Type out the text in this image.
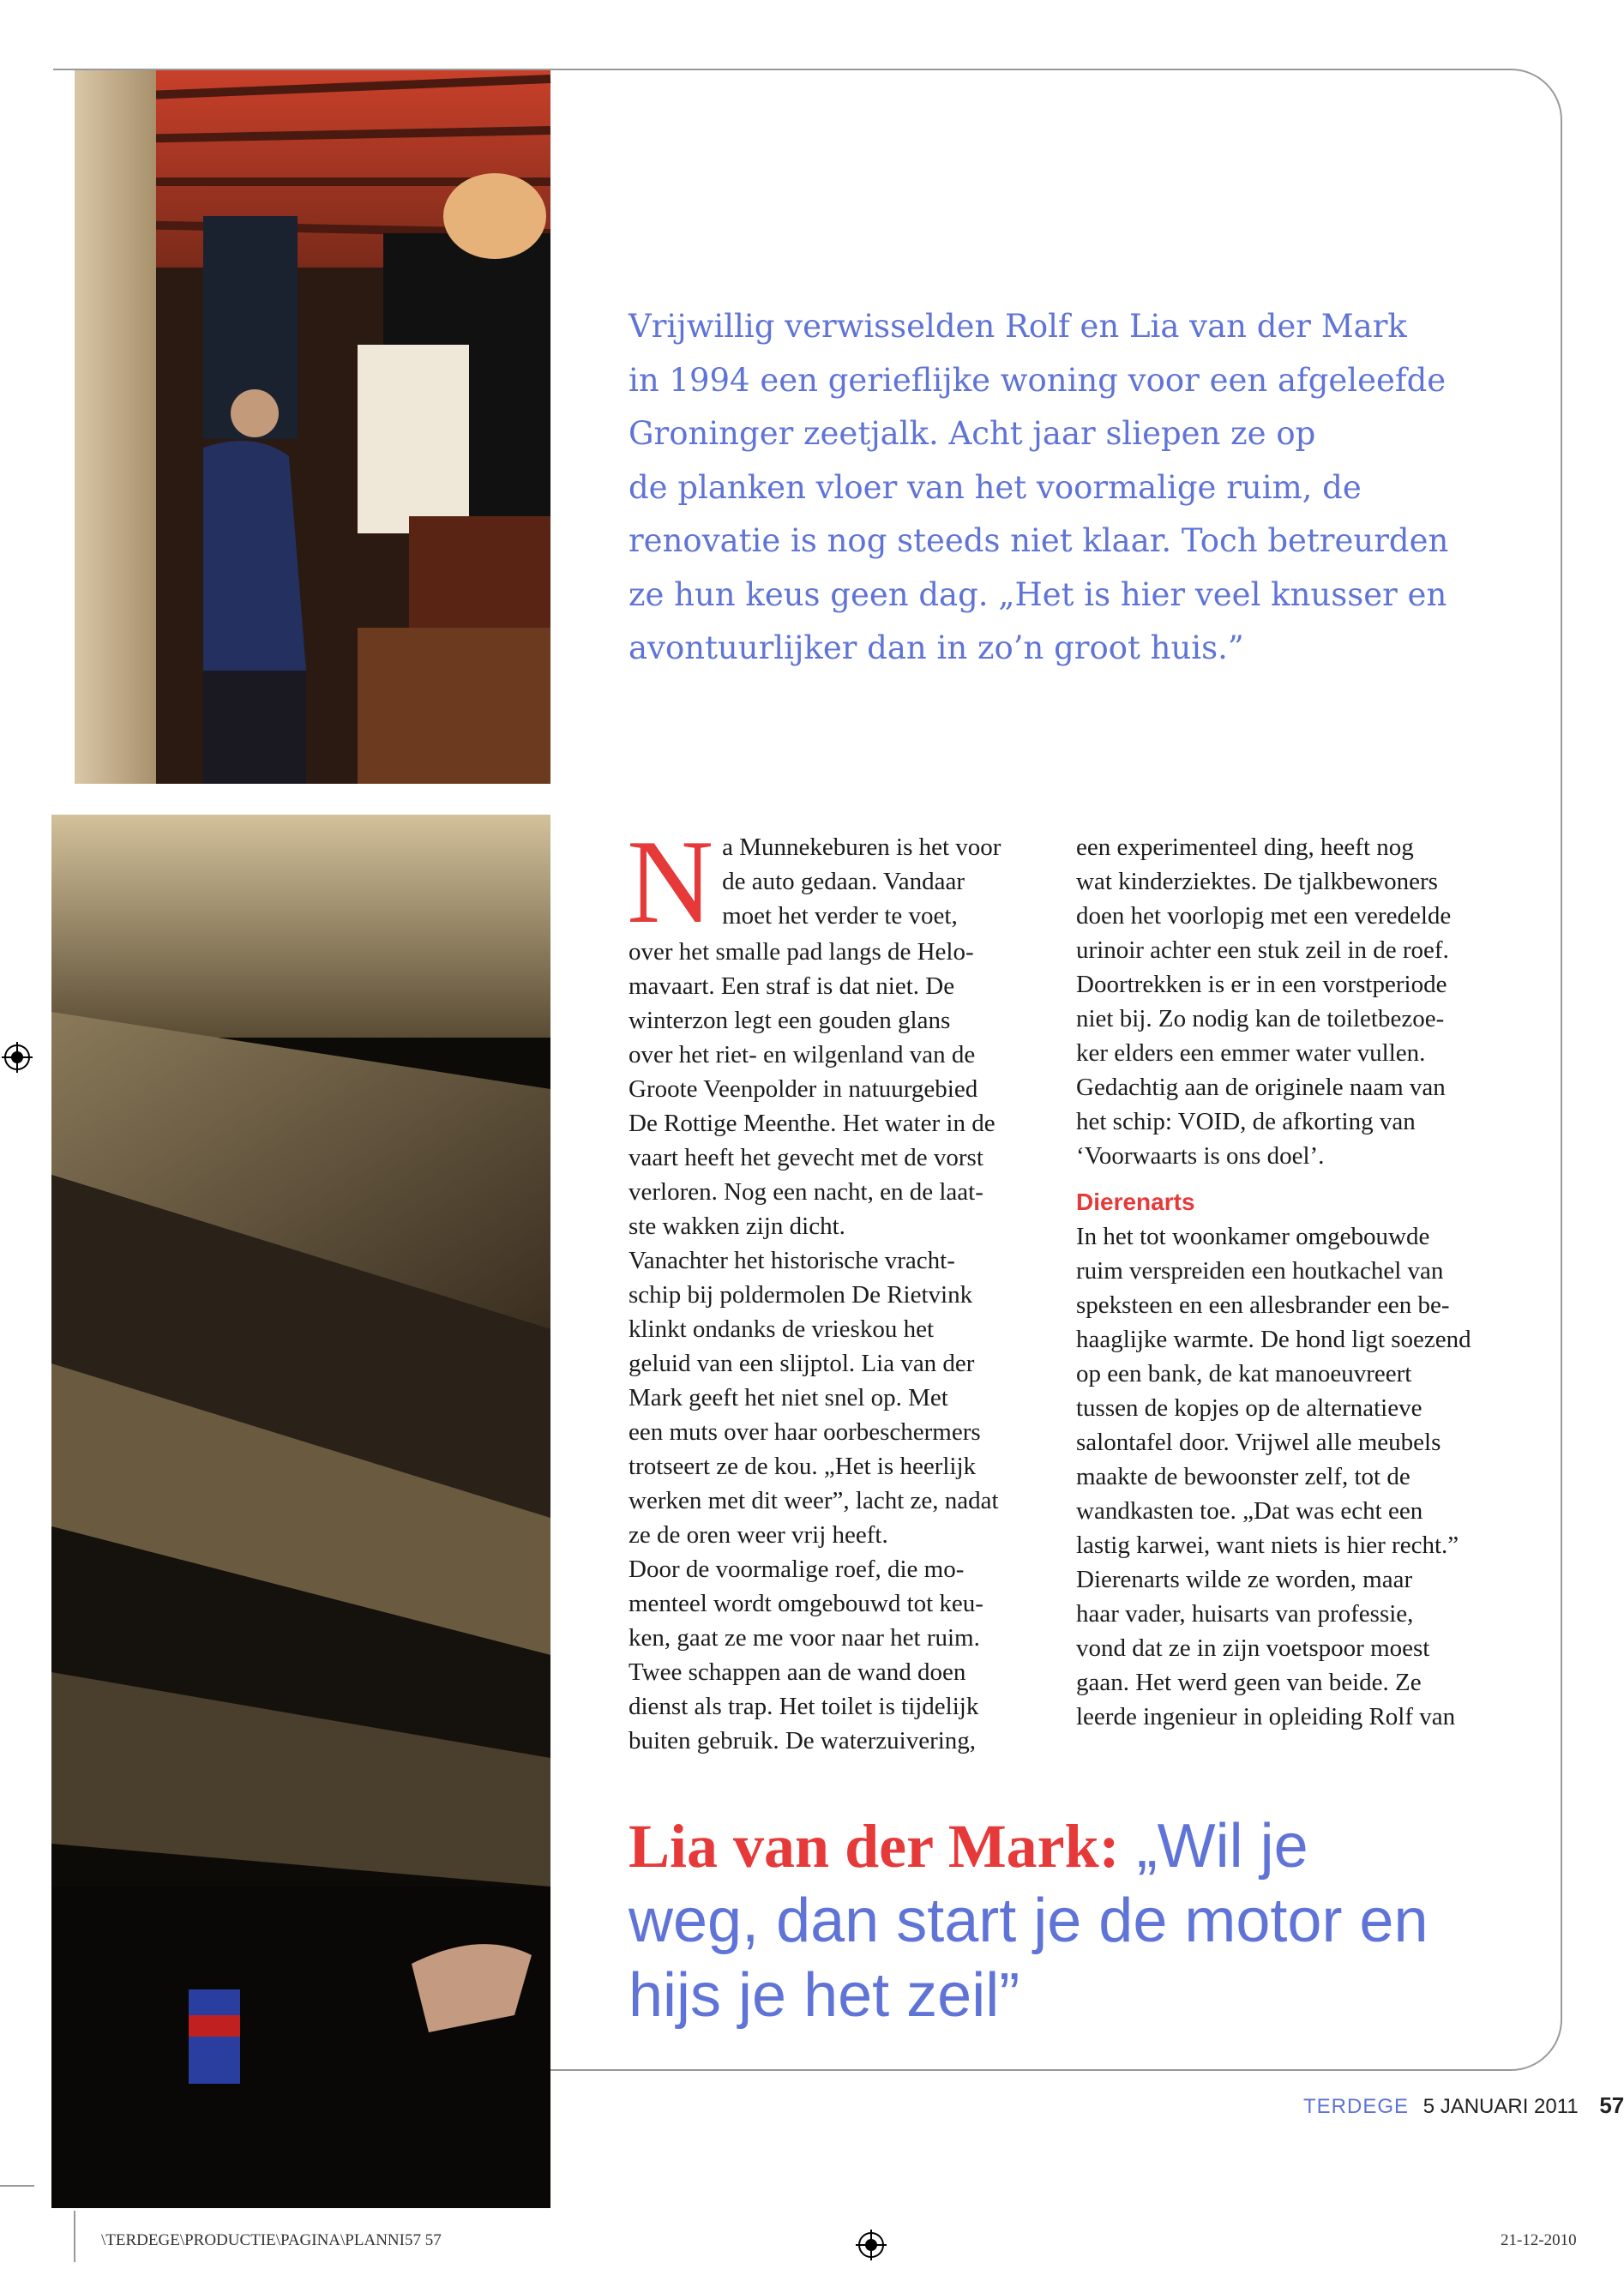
Vrijwillig verwisselden Rolf en Lia van der Mark
in 1994 een gerieflijke woning voor een afgeleefde
Groninger zeetjalk. Acht jaar sliepen ze op
de planken vloer van het voormalige ruim, de
renovatie is nog steeds niet klaar. Toch betreurden
ze hun keus geen dag. „Het is hier veel knusser en
avontuurlijker dan in zo’n groot huis.”
N a Munnekeburen is het voor
de auto gedaan. Vandaar
moet het verder te voet,
over het smalle pad langs de Helo-
mavaart. Een straf is dat niet. De
winterzon legt een gouden glans
over het riet- en wilgenland van de
Groote Veenpolder in natuurgebied
De Rottige Meenthe. Het water in de
vaart heeft het gevecht met de vorst
verloren. Nog een nacht, en de laat-
ste wakken zijn dicht.
Vanachter het historische vracht-
schip bij poldermolen De Rietvink
klinkt ondanks de vrieskou het
geluid van een slijptol. Lia van der
Mark geeft het niet snel op. Met
een muts over haar oorbeschermers
trotseert ze de kou. „Het is heerlijk
werken met dit weer”, lacht ze, nadat
ze de oren weer vrij heeft.
Door de voormalige roef, die mo-
menteel wordt omgebouwd tot keu-
ken, gaat ze me voor naar het ruim.
Twee schappen aan de wand doen
dienst als trap. Het toilet is tijdelijk
buiten gebruik. De waterzuivering,
een experimenteel ding, heeft nog
wat kinderziektes. De tjalkbewoners
doen het voorlopig met een veredelde
urinoir achter een stuk zeil in de roef.
Doortrekken is er in een vorstperiode
niet bij. Zo nodig kan de toiletbezoe-
ker elders een emmer water vullen.
Gedachtig aan de originele naam van
het schip: VOID, de afkorting van
‘Voorwaarts is ons doel’.
Dierenarts
In het tot woonkamer omgebouwde
ruim verspreiden een houtkachel van
speksteen en een allesbrander een be-
haaglijke warmte. De hond ligt soezend
op een bank, de kat manoeuvreert
tussen de kopjes op de alternatieve
salontafel door. Vrijwel alle meubels
maakte de bewoonster zelf, tot de
wandkasten toe. „Dat was echt een
lastig karwei, want niets is hier recht.”
Dierenarts wilde ze worden, maar
haar vader, huisarts van professie,
vond dat ze in zijn voetspoor moest
gaan. Het werd geen van beide. Ze
leerde ingenieur in opleiding Rolf van
Lia van der Mark: „Wil je
weg, dan start je de motor en
hijs je het zeil”
TERDEGE 5 JANUARI 2011 57
\TERDEGE\PRODUCTIE\PAGINA\PLANNI57 57	21-12-2010
